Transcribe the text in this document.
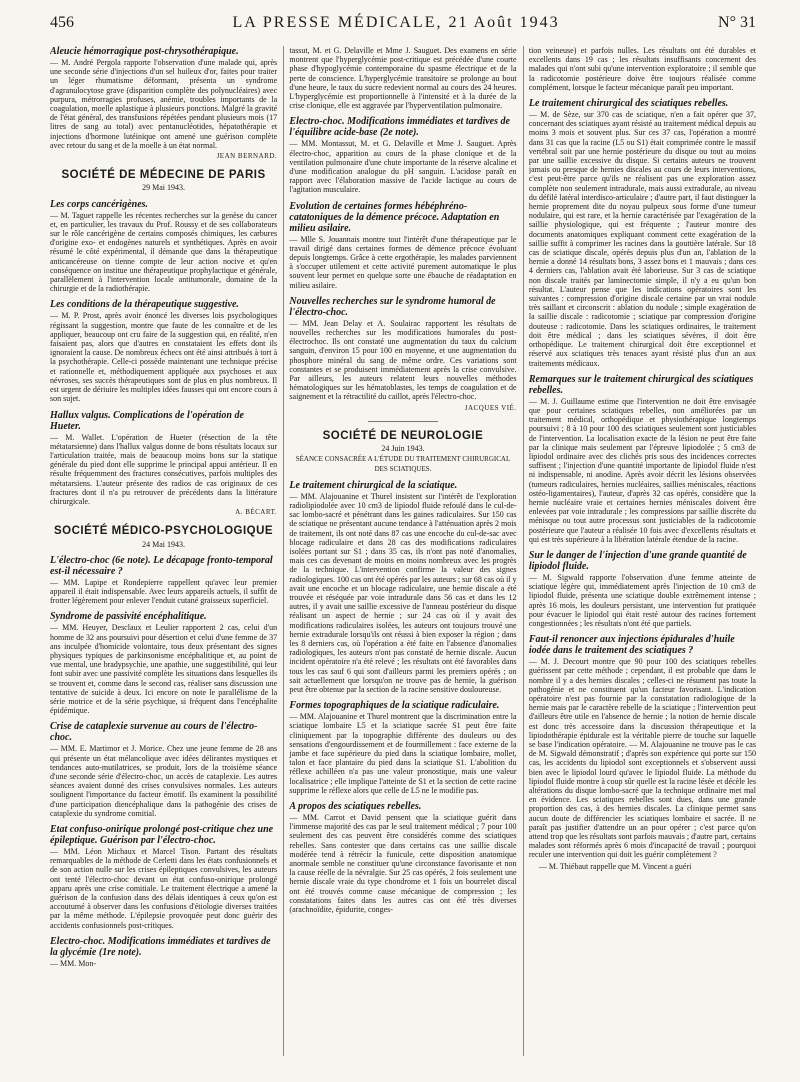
456	LA PRESSE MÉDICALE, 21 Août 1943	N° 31
Aleucie hémorragique post-chrysothérapique.

— M. André Pergola rapporte l'observation d'une malade qui, après une seconde série d'injections d'un sel huileux d'or, faites pour traiter un léger rhumatisme déformant, présenta un syndrome d'agranulocytose grave (disparition complète des polynucléaires) avec purpura, métrorragies profuses, anémie, troubles importants de la coagulation, moelle aplastique à plusieurs ponctions. Malgré la gravité de l'état général, des transfusions répétées pendant plusieurs mois (17 litres de sang au total) avec pentanucléotides, hépatothérapie et injections d'hormone lutéinique ont amené une guérison complète avec retour du sang et de la moelle à un état normal.

JEAN BERNARD.
SOCIÉTÉ DE MÉDECINE DE PARIS
29 Mai 1943.
Les corps cancérigènes.

— M. Taguet rappelle les récentes recherches sur la genèse du cancer et, en particulier, les travaux du Prof. Roussy et de ses collaborateurs sur le rôle cancérigène de certains composés chimiques, les carbures d'origine exo- et endogènes naturels et synthétiques. Après en avoir résumé le côté expérimental, il démande que dans la thérapeutique anticancéreuse on tienne compte de leur action nocive et qu'en conséquence on institue une thérapeutique prophylactique et générale, parallèlement à l'intervention locale antitumorale, domaine de la chirurgie et de la radiothérapie.

Les conditions de la thérapeutique suggestive.

— M. P. Prost, après avoir énoncé les diverses lois psychologiques régissant la suggestion, montre que faute de les connaître et de les appliquer, beaucoup ont cru faire de la suggestion qui, en réalité, n'en faisaient pas, alors que d'autres en constataient les effets dont ils ignoraient la cause. De nombreux échecs ont été ainsi attribués à tort à la psychothérapie. Celle-ci possède maintenant une technique précise et rationnelle et, méthodiquement appliquée aux psychoses et aux névroses, ses succès thérapeutiques sont de plus en plus nombreux. Il est urgent de dériuire les multiples idées fausses qui ont encore cours à son sujet.

Hallux valgus. Complications de l'opération de Hueter.

— M. Wallet. L'opération de Hueter (résection de la tête métatarsienne) dans l'hallux valgus donne de bons résultats locaux sur l'articulation traitée, mais de beaucoup moins bons sur la statique générale du pied dont elle supprime le principal appui antérieur. Il en résulte fréquemment des fractures consécutives, parfois multiples des métatarsiens. L'auteur présente des radios de cas originaux de ces fractures dont il n'a pu retrouver de précédents dans la littérature chirurgicale.

A. BÉCART.
SOCIÉTÉ MÉDICO-PSYCHOLOGIQUE
24 Mai 1943.
L'électro-choc (6e note). Le décapage fronto-temporal est-il nécessaire ?

— MM. Lapipe et Rondepierre rappellent qu'avec leur premier appareil il était indispensable. Avec leurs appareils actuels, il suffit de frotter légèrement pour enlever l'enduit cutané graisseux superficiel.

Syndrome de passivité encéphalitique.

— MM. Heuyer, Desclaux et Leulier rapportent 2 cas, celui d'un homme de 32 ans poursuivi pour désertion et celui d'une femme de 37 ans inculpée d'homicide volontaire, tous deux présentant des signes physiques typiques de parkinsonisme encéphalitique et, au point de vue mental, une bradypsychie, une apathie, une suggestibilité, qui leur font subir avec une passivité complète les situations dans lesquelles ils se trouvent et, comme dans le second cas, réaliser sans discussion une tentative de suicide à deux. Ici encore on note le parallélisme de la série motrice et de la série psychique, si fréquent dans l'encéphalite épidémique.

Crise de cataplexie survenue au cours de l'électro-choc.

— MM. E. Martimor et J. Morice. Chez une jeune femme de 28 ans qui présente un état mélancolique avec idées délirantes mystiques et tendances auto-mutilatrices, se produit, lors de la troisième séance d'une seconde série d'électro-choc, un accès de cataplexie. Les autres séances avaient donné des crises convulsives normales. Les auteurs soulignent l'importance du facteur émotif. Ils examinent la possibilité d'une participation diencéphalique dans la pathogénie des crises de cataplexie du syndrome comitial.

Etat confuso-onirique prolongé post-critique chez une épileptique. Guérison par l'électro-choc.

— MM. Léon Michaux et Marcel Tison. Partant des résultats remarquables de la méthode de Cerletti dans les états confusionnels et de son action nulle sur les crises épileptiques convulsives, les auteurs ont tenté l'électro-choc devant un état confuso-onirique prolongé apparu après une crise comitiale. Le traitement électrique a amené la guérison de la confusion dans des délais identiques à ceux qu'on est accoutumé à observer dans les confusions d'étiologie diverses traitées par la même méthode. L'épilepsie provoquée peut donc guérir des accidents confusionnels post-critiques.

Electro-choc. Modifications immédiates et tardives de la glycémie (1re note).

— MM. Mon-

tassut, M. et G. Delaville et Mme J. Sauguet. Des examens en série montrent que l'hyperglycémie post-critique est précédée d'une courte phase d'hypoglycémie contemporaine du spasme électrique et de la perte de conscience. L'hyperglycémie transitoire se prolonge au bout d'une heure, le taux du sucre redevient normal au cours des 24 heures. L'hyperglycémie est proportionnelle à l'intensité et à la durée de la crise clonique, elle est aggravée par l'hyperventilation pulmonaire.

Electro-choc. Modifications immédiates et tardives de l'équilibre acide-base (2e note).

— MM. Montassut, M. et G. Delaville et Mme J. Sauguet. Après électro-choc, apparition au cours de la phase clonique et de la ventilation pulmonaire d'une chute importante de la réserve alcaline et d'une modification analogue du pH sanguin. L'acidose paraît en rapport avec l'élaboration massive de l'acide lactique au cours de l'agitation musculaire.

Evolution de certaines formes hébéphréno-catatoniques de la démence précoce. Adaptation en milieu asilaire.

— Mlle S. Jouannais montre tout l'intérêt d'une thérapeutique par le travail dirigé dans certaines formes de démence précoce évoluant depuis longtemps. Grâce à cette ergothérapie, les malades parviennent à s'occuper utilement et cette activité purement automatique le plus souvent leur permet en quelque sorte une ébauche de réadaptation en milieu asilaire.

Nouvelles recherches sur le syndrome humoral de l'électro-choc.

— MM. Jean Delay et A. Soulairac rapportent les résultats de nouvelles recherches sur les modifications humorales du post-électrochoc. Ils ont constaté une augmentation du taux du calcium sanguin, d'environ 15 pour 100 en moyenne, et une augmentation du phosphore minéral du sang de même ordre. Ces variations sont constantes et se produisent immédiatement après la crise convulsive. Par ailleurs, les auteurs relatent leurs nouvelles méthodes hématologiques sur les hématoblastes, les temps de coagulation et de saignement et la rétractilité du caillot, après l'électro-choc.

JACQUES VIÉ.
SOCIÉTÉ DE NEUROLOGIE
24 Juin 1943.
SÉANCE CONSACRÉE A L'ÉTUDE DU TRAITEMENT CHIRURGICAL DES SCIATIQUES.
Le traitement chirurgical de la sciatique.

— MM. Alajouanine et Thurel insistent sur l'intérêt de l'exploration radiolipiodolée avec 10 cm3 de lipiodol fluide refoulé dans le cul-de-sac lombo-sacré et pénétrant dans les gaines radiculaires. Sur 150 cas de sciatique ne présentant aucune tendance à l'atténuation après 2 mois de traitement, ils ont noté dans 87 cas une encoche du cul-de-sac avec blocage radiculaire et dans 28 cas des modifications radiculaires isolées portant sur S1 ; dans 35 cas, ils n'ont pas noté d'anomalies, mais ces cas devenant de moins en moins nombreux avec les progrès de la technique. L'intervention confirme la valeur des signes radiologiques. 100 cas ont été opérés par les auteurs ; sur 68 cas où il y avait une encoche et un blocage radiculaire, une hernie discale a été trouvée et réséquée par voie intradurale dans 56 cas et dans les 12 autres, il y avait une saillie excessive de l'anneau postérieur du disque réalisant un aspect de hernie ; sur 24 cas où il y avait des modifications radiculaires isolées, les auteurs ont toujours trouvé une hernie extradurale lorsqu'ils ont réussi à bien exposer la région ; dans les 8 derniers cas, où l'opération a été faite en l'absence d'anomalies radiologiques, les auteurs n'ont pas constaté de hernie discale. Aucun incident opératoire n'a été relevé ; les résultats ont été favorables dans tous les cas sauf 6 qui sont d'ailleurs parmi les premiers opérés ; on sait actuellement que lorsqu'on ne trouve pas de hernie, la guérison peut être obtenue par la section de la racine sensitive douloureuse.

Formes topographiques de la sciatique radiculaire.

— MM. Alajouanine et Thurel montrent que la discrimination entre la sciatique lombaire L5 et la sciatique sacrée S1 peut être faite cliniquement par la topographie différente des douleurs ou des sensations d'engourdissement et de fourmillement : face externe de la jambe et face supérieure du pied dans la sciatique lombaire, mollet, talon et face plantaire du pied dans la sciatique S1. L'abolition du réflexe achilléen n'a pas une valeur pronostique, mais une valeur localisatrice ; elle implique l'atteinte de S1 et la section de cette racine supprime le réflexe alors que celle de L5 ne le modifie pas.

A propos des sciatiques rebelles.

— MM. Carrot et David pensent que la sciatique guérit dans l'immense majorité des cas par le seul traitement médical ; 7 pour 100 seulement des cas peuvent être considérés comme des sciatiques rebelles. Sans contester que dans certains cas une saillie discale modérée tend à rétrécir la funicule, cette disposition anatomique anormale semble ne constituer qu'une circonstance favorisante et non la cause réelle de la névralgie. Sur 25 cas opérés, 2 fois seulement une hernie discale vraie du type chondrome et 1 fois un bourrelet discal ont été trouvés comme cause mécanique de compression ; les constatations faites dans les autres cas ont été très diverses (arachnoïdite, épidurite, conges-

tion veineuse) et parfois nulles. Les résultats ont été durables et excellents dans 19 cas ; les résultats insuffisants concernent des malades qui n'ont subi qu'une intervention exploratoire ; il semble que la radicotomie postérieure doive être toujours réalisée comme complément, lorsque le facteur mécanique paraît peu important.

Le traitement chirurgical des sciatiques rebelles.

— M. de Sèze, sur 370 cas de sciatique, n'en a fait opérer que 37, concernant des sciatiques ayant résisté au traitement médical depuis au moins 3 mois et souvent plus. Sur ces 37 cas, l'opération a montré dans 31 cas que la racine (L5 ou S1) était comprimée contre le massif vertébral soit par une hernie postérieure du disque ou tout au moins par une saillie excessive du disque. Si certains auteurs ne trouvent jamais ou presque de hernies discales au cours de leurs interventions, c'est peut-être parce qu'ils ne réalisent pas une exploration assez complète non seulement intradurale, mais aussi extradurale, au niveau du défilé latéral interdisco-articulaire ; d'autre part, il faut distinguer la hernie proprement dite du noyau pulpeux sous forme d'une tumeur nodulaire, qui est rare, et la hernie caractérisée par l'exagération de la saillie physiologique, qui est fréquente ; l'auteur montre des documents anatomiques expliquant comment cette exagération de la saillie suffit à comprimer les racines dans la gouttière latérale. Sur 18 cas de sciatique discale, opérés depuis plus d'un an, l'ablation de la hernie a donné 14 résultats bons, 3 assez bons et 1 mauvais ; dans ces 4 derniers cas, l'ablation avait été laborieuse. Sur 3 cas de sciatique non discale traités par laminectomie simple, il n'y a eu qu'un bon résultat. L'auteur pense que les indications opératoires sont les suivantes : compression d'origine discale certaine par un vrai nodule très saillant et circonscrit : ablation du nodule ; simple exagération de la saillie discale : radicotomie ; sciatique par compression d'origine douteuse : radicotomie. Dans les sciatiques ordinaires, le traitement doit être médical ; dans les sciatiques sévères, il doit être orthopédique. Le traitement chirurgical doit être exceptionnel et réservé aux sciatiques très tenaces ayant résisté plus d'un an aux traitements médicaux.

Remarques sur le traitement chirurgical des sciatiques rebelles.

— M. J. Guillaume estime que l'intervention ne doit être envisagée que pour certaines sciatiques rebelles, non améliorées par un traitement médical, orthopédique et physiothérapique longtemps poursuivi ; 8 à 10 pour 100 des sciatiques seulement sont justiciables de l'intervention. La localisation exacte de la lésion ne peut être faite par la clinique mais seulement par l'épreuve lipiodolée ; 5 cm3 de lipiodol ordinaire avec des clichés pris sous des incidences correctes suffisent ; l'injection d'une quantité importante de lipiodol fluide n'est ni indispensable, ni anodine. Après avoir décrit les lésions observées (tumeurs radiculaires, hernies nucléaires, saillies méniscales, réactions ostéo-ligamentaires), l'auteur, d'après 32 cas opérés, considère que la hernie nucléaire vraie et certaines hernies méniscales doivent être enlevées par voie intradurale ; les compressions par saillie discrète du ménisque ou tout autre processus sont justiciables de la radicotomie postérieure que l'auteur a réalisée 10 fois avec d'excellents résultats et qui est très supérieure à la libération latérale étendue de la racine.

Sur le danger de l'injection d'une grande quantité de lipiodol fluide.

— M. Sigwald rapporte l'observation d'une femme atteinte de sciatique légère qui, immédiatement après l'injection de 10 cm3 de lipiodol fluide, présenta une sciatique double extrêmement intense ; après 16 mois, les douleurs persistant, une intervention fut pratiquée pour évacuer le lipiodol qui était resté autour des racines fortement congestionnées ; les résultats n'ont été que partiels.

Faut-il renoncer aux injections épidurales d'huile iodée dans le traitement des sciatiques ?

— M. J. Decourt montre que 90 pour 100 des sciatiques rebelles guérissent par cette méthode ; cependant, il est probable que dans le nombre il y a des hernies discales ; celles-ci ne résument pas toute la pathogénie et ne constituent qu'un facteur favorisant. L'indication opératoire n'est pas fournie par la constatation radiologique de la hernie mais par le caractère rebelle de la sciatique ; l'intervention peut d'ailleurs être utile en l'absence de hernie ; la notion de hernie discale est donc très accessoire dans la discussion thérapeutique et la lipiodothérapie épidurale est la véritable pierre de touche sur laquelle se base l'indication opératoire. — M. Alajouanine ne trouve pas le cas de M. Sigwald démonstratif ; d'après son expérience qui porte sur 150 cas, les accidents du lipiodol sont exceptionnels et s'observent aussi bien avec le lipiodol lourd qu'avec le lipiodol fluide. La méthode du lipiodol fluide montre à coup sûr quelle est la racine lésée et décèle les altérations du disque lombo-sacré que la technique ordinaire met mal en évidence. Les sciatiques rebelles sont dues, dans une grande proportion des cas, à des hernies discales. La clinique permet sans aucun doute de différencier les sciatiques lombaire et sacrée. Il ne paraît pas justifier d'attendre un an pour opérer ; c'est parce qu'on attend trop que les résultats sont parfois mauvais ; d'autre part, certains malades sont réformés après 6 mois d'incapacité de travail ; pourquoi reculer une intervention qui doit les guérir complètement ?

— M. Thiébaut rappelle que M. Vincent a guéri
